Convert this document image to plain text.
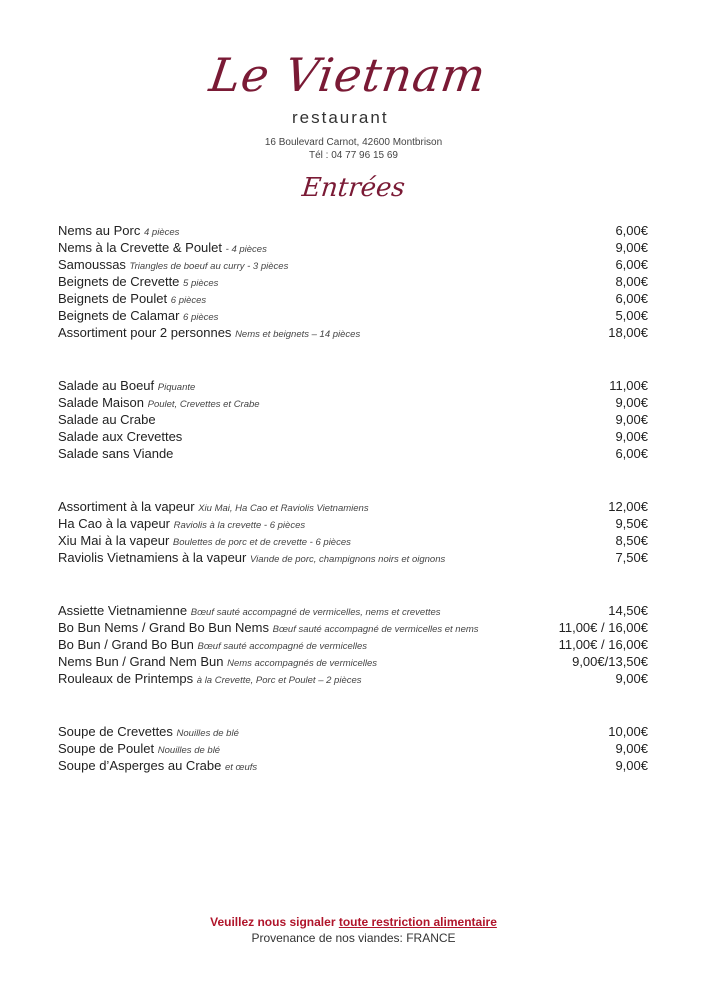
Le Vietnam
restaurant
16 Boulevard Carnot, 42600 Montbrison
Tél : 04 77 96 15 69
Entrées
Nems au Porc 4 pièces	6,00€
Nems à la Crevette & Poulet - 4 pièces	9,00€
Samoussas Triangles de boeuf au curry - 3 pièces	6,00€
Beignets de Crevette 5 pièces	8,00€
Beignets de Poulet 6 pièces	6,00€
Beignets de Calamar 6 pièces	5,00€
Assortiment pour 2 personnes Nems et beignets – 14 pièces	18,00€
Salade au Boeuf Piquante	11,00€
Salade Maison Poulet, Crevettes et Crabe	9,00€
Salade au Crabe	9,00€
Salade aux Crevettes	9,00€
Salade sans Viande	6,00€
Assortiment à la vapeur Xiu Mai, Ha Cao et Raviolis Vietnamiens	12,00€
Ha Cao à la vapeur Raviolis à la crevette - 6 pièces	9,50€
Xiu Mai à la vapeur Boulettes de porc et de crevette - 6 pièces	8,50€
Raviolis Vietnamiens à la vapeur Viande de porc, champignons noirs et oignons	7,50€
Assiette Vietnamienne Bœuf sauté accompagné de vermicelles, nems et crevettes	14,50€
Bo Bun Nems / Grand Bo Bun Nems Bœuf sauté accompagné de vermicelles et nems	11,00€ / 16,00€
Bo Bun / Grand Bo Bun Bœuf sauté accompagné de vermicelles	11,00€ / 16,00€
Nems Bun / Grand Nem Bun Nems accompagnés de vermicelles	9,00€/13,50€
Rouleaux de Printemps à la Crevette, Porc et Poulet – 2 pièces	9,00€
Soupe de Crevettes Nouilles de blé	10,00€
Soupe de Poulet Nouilles de blé	9,00€
Soupe d’Asperges au Crabe et œufs	9,00€
Veuillez nous signaler toute restriction alimentaire
Provenance de nos viandes: FRANCE
